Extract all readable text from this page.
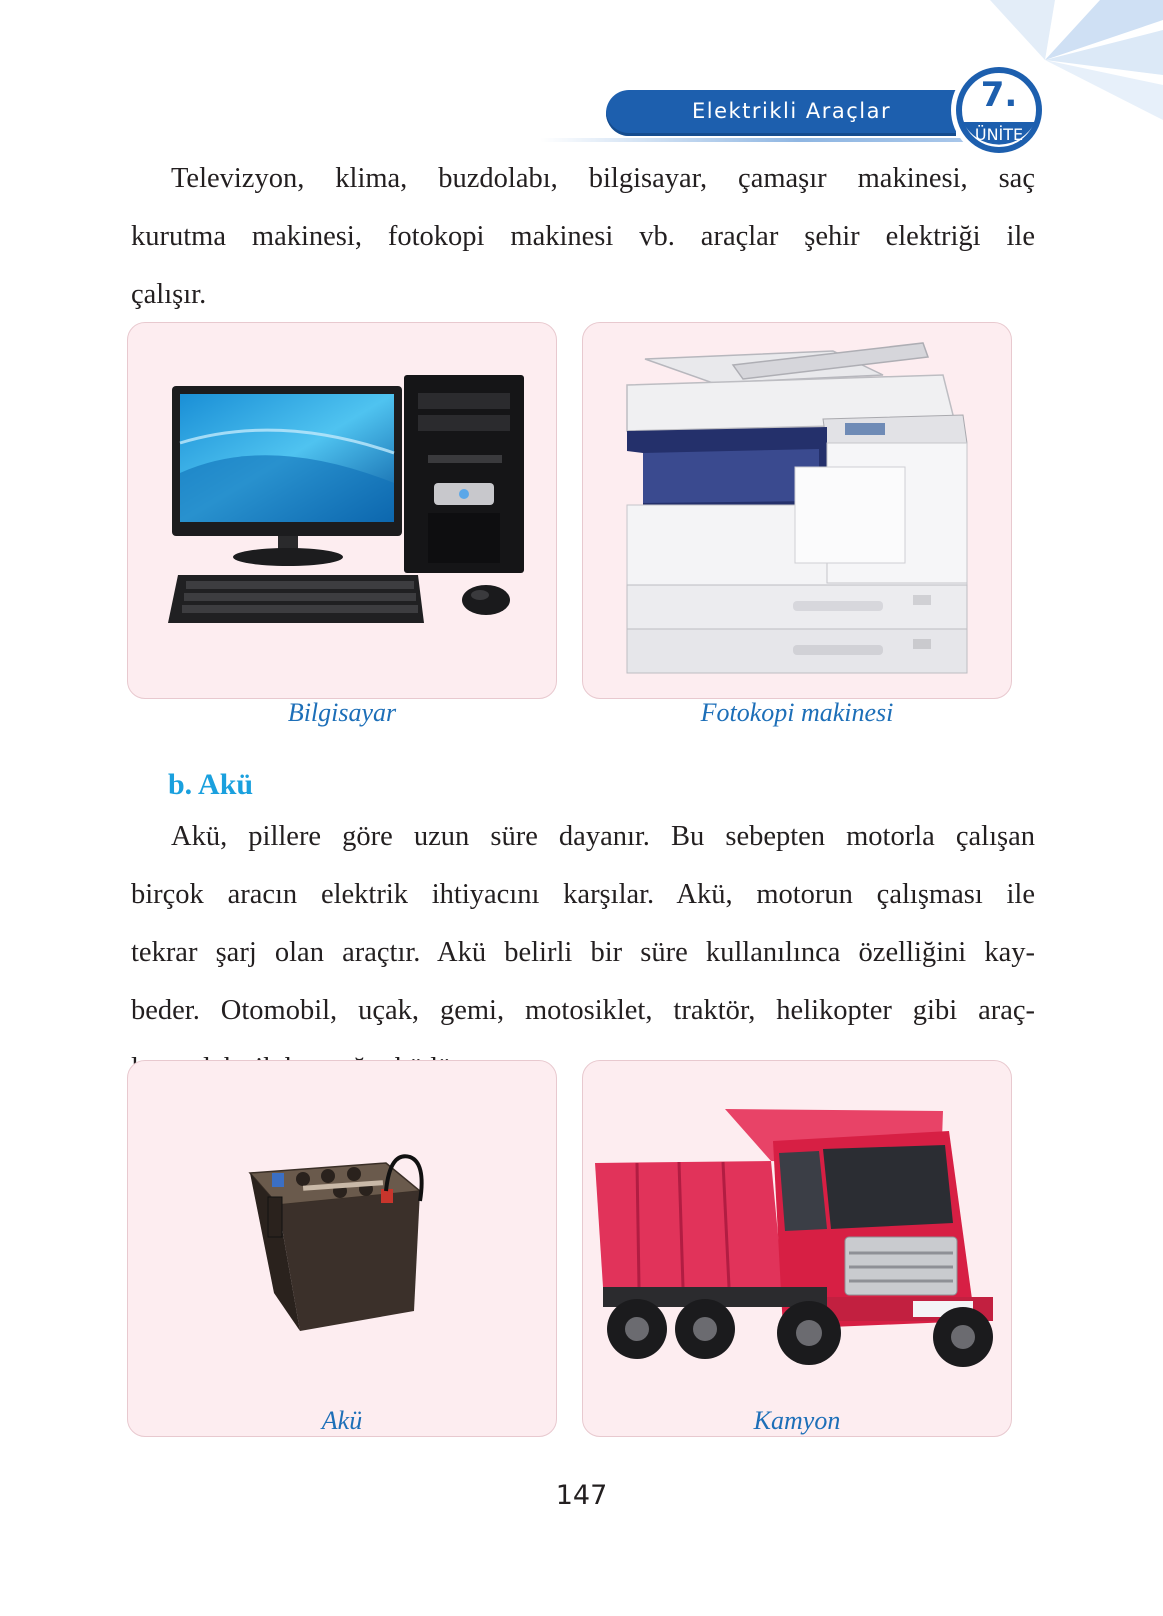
Elektrikli Araçlar	7.
ÜNİTE

Televizyon, klima, buzdolabı, bilgisayar, çamaşır makinesi, saç
kurutma makinesi, fotokopi makinesi vb. araçlar şehir elektriği ile
çalışır.

Bilgisayar	Fotokopi makinesi
b. Akü

Akü, pillere göre uzun süre dayanır. Bu sebepten motorla çalışan
birçok aracın elektrik ihtiyacını karşılar. Akü, motorun çalışması ile
tekrar şarj olan araçtır. Akü belirli bir süre kullanılınca özelliğini kay-
beder. Otomobil, uçak, gemi, motosiklet, traktör, helikopter gibi araç-

Akü	Kamyon
147
